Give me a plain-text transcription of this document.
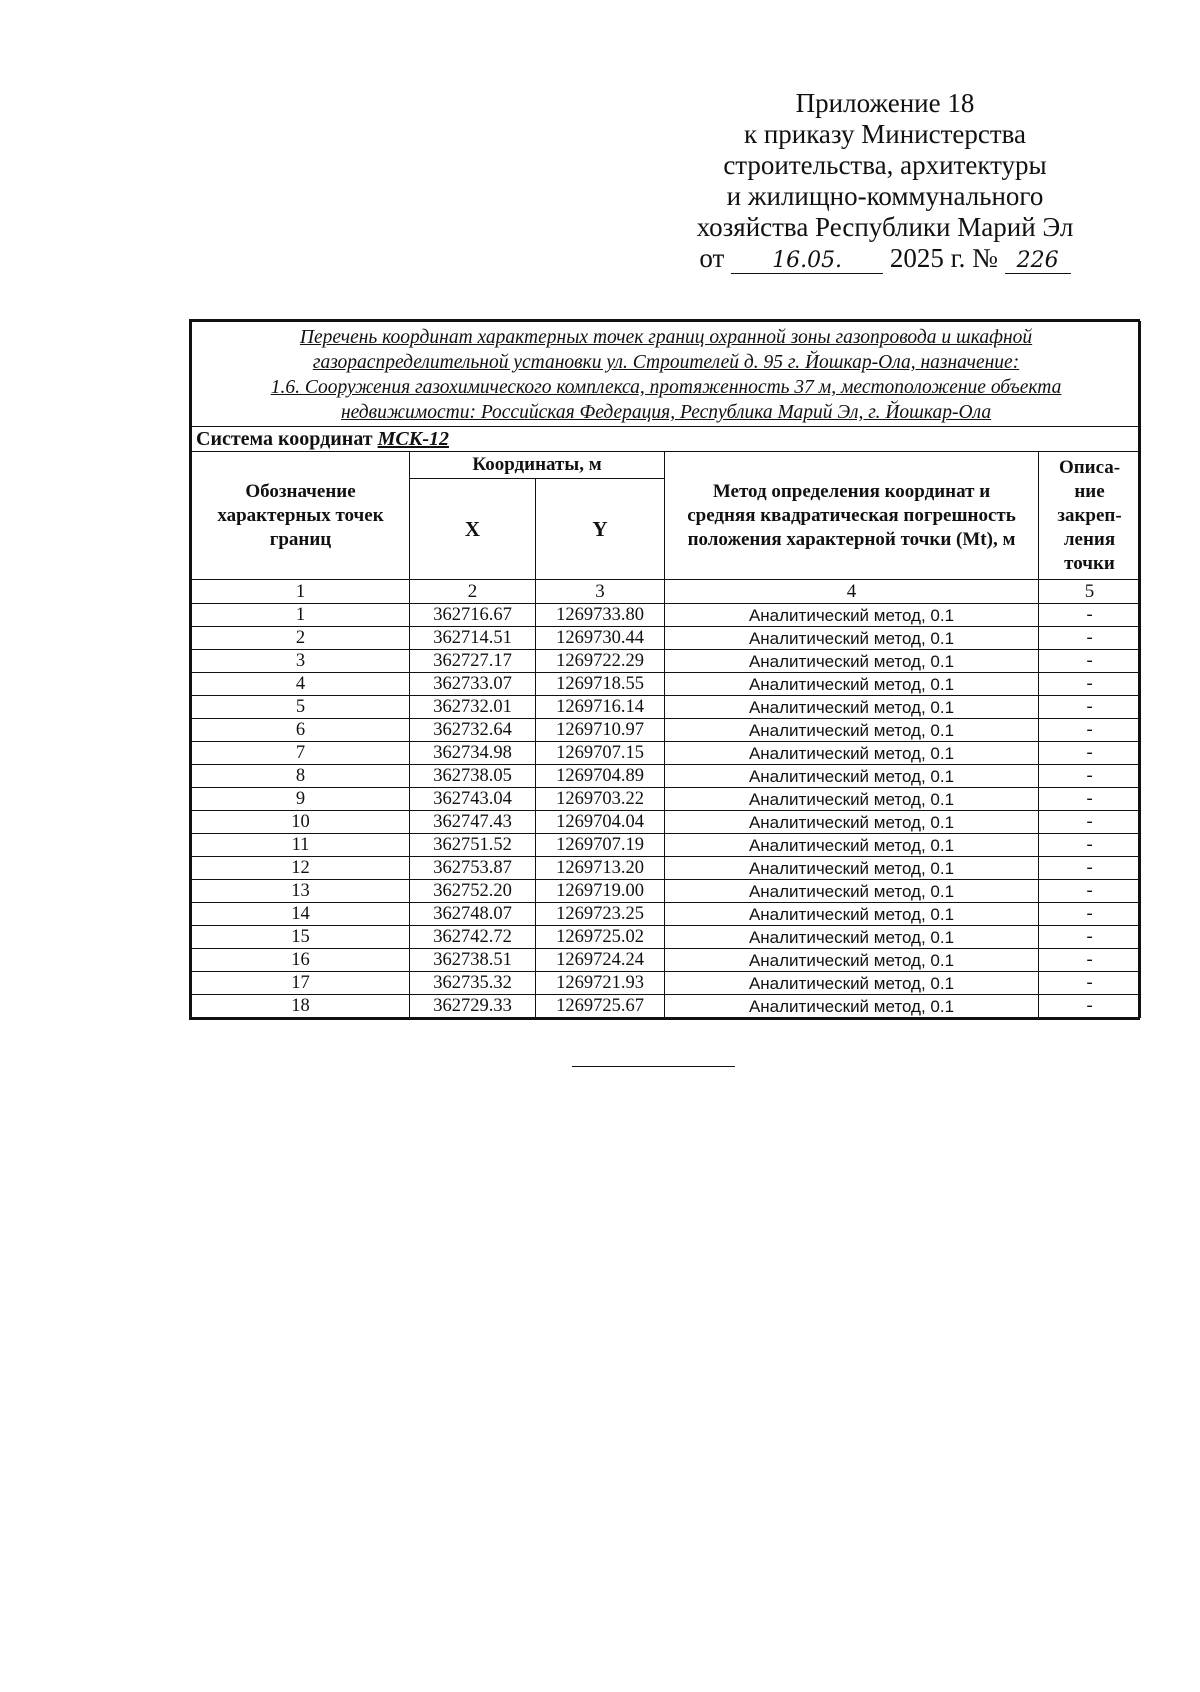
Приложение 18
к приказу Министерства
строительства, архитектуры
и жилищно-коммунального
хозяйства Республики Марий Эл
от 16.05. 2025 г. № 226
Перечень координат характерных точек границ охранной зоны газопровода и шкафной
газораспределительной установки ул. Строителей д. 95 г. Йошкар-Ола, назначение:
1.6. Сооружения газохимического комплекса, протяженность 37 м, местоположение объекта
недвижимости: Российская Федерация, Республика Марий Эл, г. Йошкар-Ола				
Система координат МСК-12				
Обозначение характерных точек границ	Координаты, м		Метод определения координат и средняя квадратическая погрешность положения характерной точки (Mt), м	Описа-ние закреп-ления точки
	X	Y		
1	2	3	4	5
1	362716.67	1269733.80	Аналитический метод, 0.1	-
2	362714.51	1269730.44	Аналитический метод, 0.1	-
3	362727.17	1269722.29	Аналитический метод, 0.1	-
4	362733.07	1269718.55	Аналитический метод, 0.1	-
5	362732.01	1269716.14	Аналитический метод, 0.1	-
6	362732.64	1269710.97	Аналитический метод, 0.1	-
7	362734.98	1269707.15	Аналитический метод, 0.1	-
8	362738.05	1269704.89	Аналитический метод, 0.1	-
9	362743.04	1269703.22	Аналитический метод, 0.1	-
10	362747.43	1269704.04	Аналитический метод, 0.1	-
11	362751.52	1269707.19	Аналитический метод, 0.1	-
12	362753.87	1269713.20	Аналитический метод, 0.1	-
13	362752.20	1269719.00	Аналитический метод, 0.1	-
14	362748.07	1269723.25	Аналитический метод, 0.1	-
15	362742.72	1269725.02	Аналитический метод, 0.1	-
16	362738.51	1269724.24	Аналитический метод, 0.1	-
17	362735.32	1269721.93	Аналитический метод, 0.1	-
18	362729.33	1269725.67	Аналитический метод, 0.1	-
